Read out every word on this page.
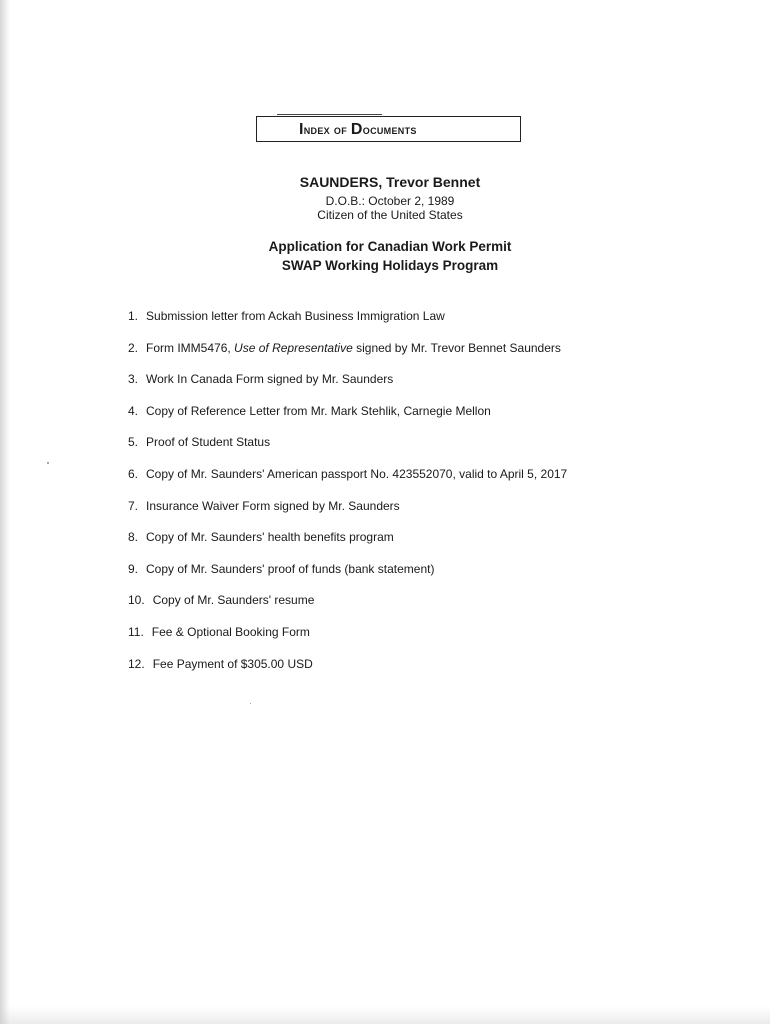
Index of Documents
SAUNDERS, Trevor Bennet
D.O.B.: October 2, 1989
Citizen of the United States
Application for Canadian Work Permit
SWAP Working Holidays Program
1. Submission letter from Ackah Business Immigration Law
2. Form IMM5476, Use of Representative signed by Mr. Trevor Bennet Saunders
3. Work In Canada Form signed by Mr. Saunders
4. Copy of Reference Letter from Mr. Mark Stehlik, Carnegie Mellon
5. Proof of Student Status
6. Copy of Mr. Saunders' American passport No. 423552070, valid to April 5, 2017
7. Insurance Waiver Form signed by Mr. Saunders
8. Copy of Mr. Saunders' health benefits program
9. Copy of Mr. Saunders' proof of funds (bank statement)
10. Copy of Mr. Saunders' resume
11. Fee & Optional Booking Form
12. Fee Payment of $305.00 USD
